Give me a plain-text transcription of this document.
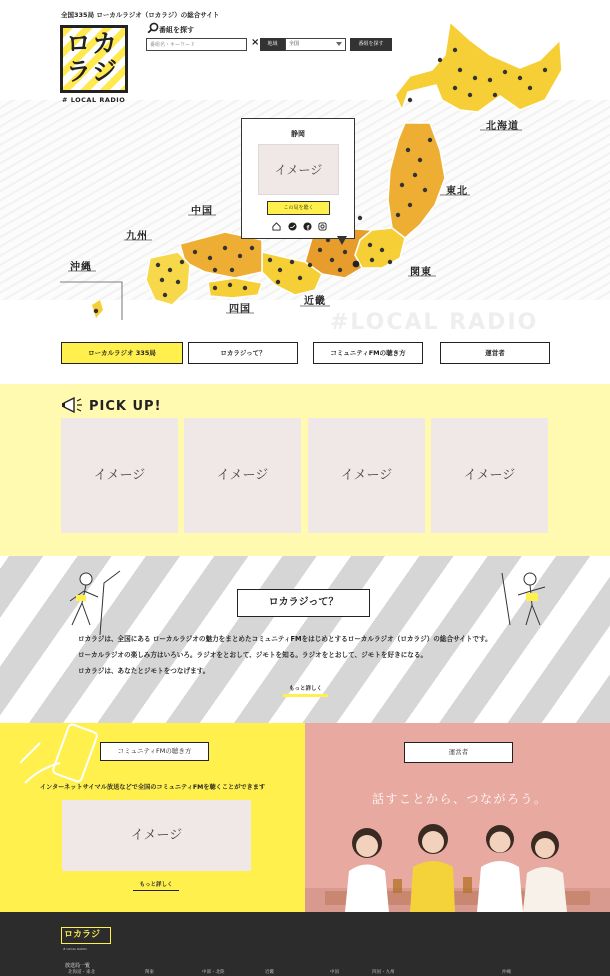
全国335局 ローカルラジオ（ロカラジ）の総合サイト
ロカラジ
# LOCAL RADIO
番組を探す
番組名・キーワード
×	地域	全国	番組を探す
北海道
東北
関東
近畿
四国
中国
九州
沖縄
#LOCAL RADIO
静岡
イメージ
この局を聴く
ローカルラジオ 335局	ロカラジって？	コミュニティFMの聴き方	運営者
PICK UP!
イメージ	イメージ	イメージ	イメージ
ロカラジって？
ロカラジは、全国にある ローカルラジオの魅力をまとめたコミュニティFMをはじめとするローカルラジオ（ロカラジ）の総合サイトです。
ローカルラジオの楽しみ方はいろいろ。ラジオをとおして、ジモトを知る。ラジオをとおして、ジモトを好きになる。
ロカラジは、あなたとジモトをつなげます。
もっと詳しく
コミュニティFMの聴き方
インターネットサイマル放送などで全国のコミュニティFMを聴くことができます
イメージ
もっと詳しく
運営者
話すことから、つながろう。
ロカラジ
# LOCAL RADIO
放送局一覧
北海道・東北	関東	中部・北陸	近畿	中国	四国・九州	沖縄
